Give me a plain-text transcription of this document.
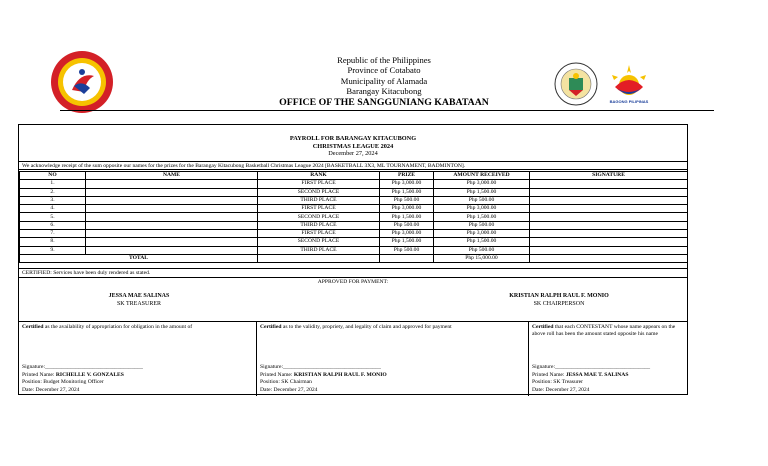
BAGONG PILIPINAS
Republic of the Philippines
Province of Cotabato
Municipality of Alamada
Barangay Kitacubong
OFFICE OF THE SANGGUNIANG KABATAAN
PAYROLL FOR BARANGAY KITACUBONG
CHRISTMAS LEAGUE 2024
December 27, 2024
We acknowledge receipt of the sum opposite our names for the prizes for the Barangay Kitacubong Basketball Christmas League 2024 [BASKETBALL 3X3, ML TOURNAMENT, BADMINTON].
NO	NAME	RANK	PRIZE	AMOUNT RECEIVED	SIGNATURE
1.		FIRST PLACE	Php 3,000.00	Php 3,000.00	
2.		SECOND PLACE	Php 1,500.00	Php 1,500.00	
3.		THIRD PLACE	Php 500.00	Php 500.00	
4.		FIRST PLACE	Php 3,000.00	Php 3,000.00	
5.		SECOND PLACE	Php 1,500.00	Php 1,500.00	
6.		THIRD PLACE	Php 500.00	Php 500.00	
7.		FIRST PLACE	Php 3,000.00	Php 3,000.00	
8.		SECOND PLACE	Php 1,500.00	Php 1,500.00	
9.		THIRD PLACE	Php 500.00	Php 500.00	
TOTAL				Php 15,000.00	
CERTIFIED: Services have been duly rendered as stated.
APPROVED FOR PAYMENT:
JESSA MAE SALINAS
SK TREASURER
KRISTIAN RALPH RAUL F. MONIO
SK CHAIRPERSON
Certified as the availability of appropriation for obligation in the amount of
Signature:___________________________________
Printed Name: RICHELLE V. GONZALES
Position: Budget Monitoring Officer
Date: December 27, 2024
Certified as to the validity, propriety, and legality of claim and approved for payment
Signature:___________________________________
Printed Name: KRISTIAN RALPH RAUL F. MONIO
Position: SK Chairman
Date: December 27, 2024
Certified that each CONTESTANT whose name appears on the above roll has been the amount stated opposite his name
Signature:__________________________________
Printed Name: JESSA MAE T. SALINAS
Position: SK Treasurer
Date: December 27, 2024
